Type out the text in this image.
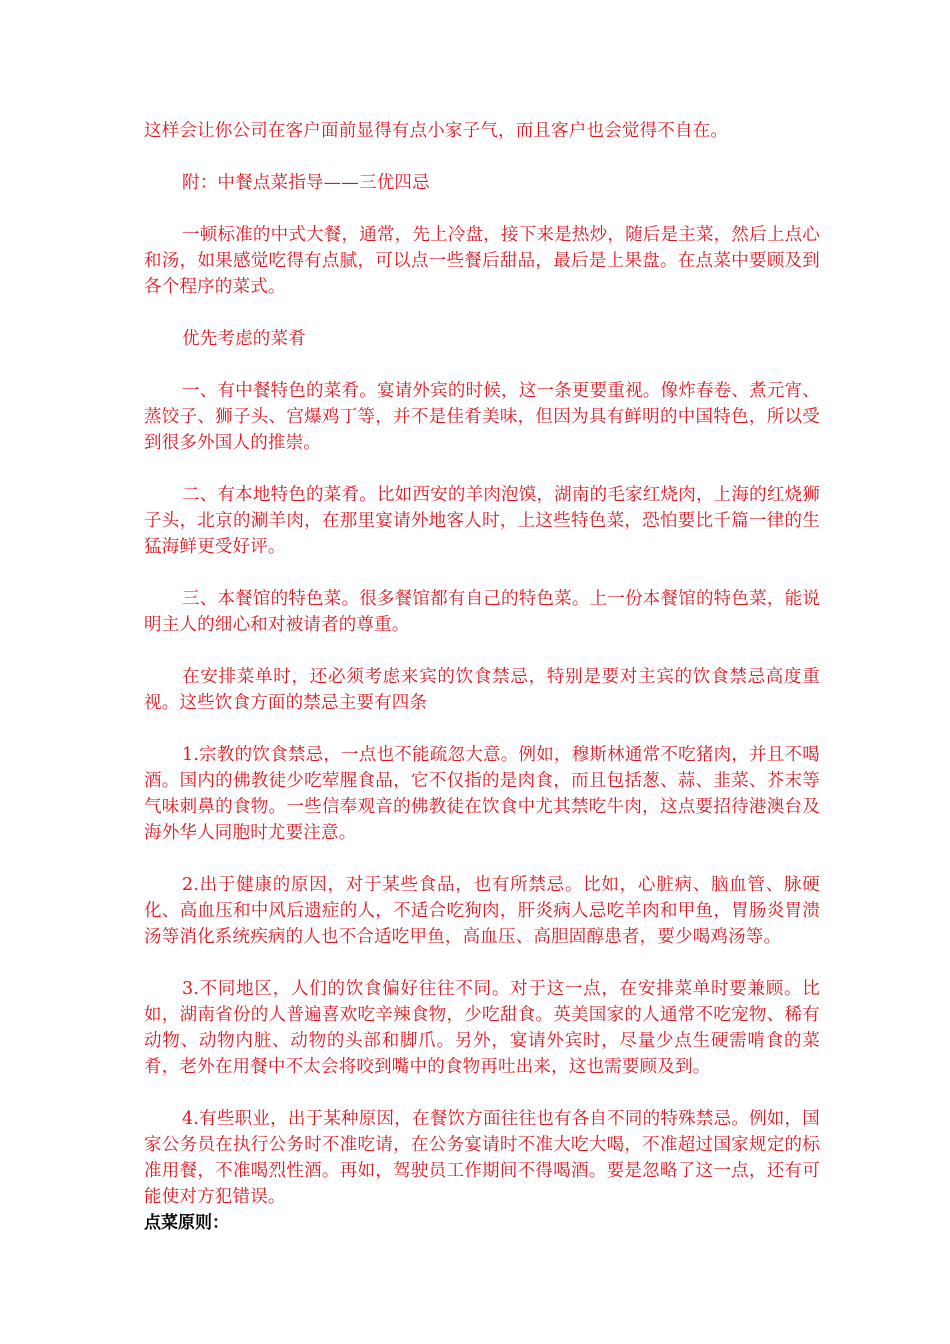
这样会让你公司在客户面前显得有点小家子气，而且客户也会觉得不自在。

附：中餐点菜指导——三优四忌

一顿标准的中式大餐，通常，先上冷盘，接下来是热炒，随后是主菜，然后上点心和汤，如果感觉吃得有点腻，可以点一些餐后甜品，最后是上果盘。在点菜中要顾及到各个程序的菜式。

优先考虑的菜肴

一、有中餐特色的菜肴。宴请外宾的时候，这一条更要重视。像炸春卷、煮元宵、蒸饺子、狮子头、宫爆鸡丁等，并不是佳肴美味，但因为具有鲜明的中国特色，所以受到很多外国人的推崇。

二、有本地特色的菜肴。比如西安的羊肉泡馍，湖南的毛家红烧肉，上海的红烧狮子头，北京的涮羊肉，在那里宴请外地客人时，上这些特色菜，恐怕要比千篇一律的生猛海鲜更受好评。

三、本餐馆的特色菜。很多餐馆都有自己的特色菜。上一份本餐馆的特色菜，能说明主人的细心和对被请者的尊重。

在安排菜单时，还必须考虑来宾的饮食禁忌，特别是要对主宾的饮食禁忌高度重视。这些饮食方面的禁忌主要有四条

1.宗教的饮食禁忌，一点也不能疏忽大意。例如，穆斯林通常不吃猪肉，并且不喝酒。国内的佛教徒少吃荤腥食品，它不仅指的是肉食，而且包括葱、蒜、韭菜、芥末等气味刺鼻的食物。一些信奉观音的佛教徒在饮食中尤其禁吃牛肉，这点要招待港澳台及海外华人同胞时尤要注意。

2.出于健康的原因，对于某些食品，也有所禁忌。比如，心脏病、脑血管、脉硬化、高血压和中风后遗症的人，不适合吃狗肉，肝炎病人忌吃羊肉和甲鱼，胃肠炎胃溃汤等消化系统疾病的人也不合适吃甲鱼，高血压、高胆固醇患者，要少喝鸡汤等。

3.不同地区，人们的饮食偏好往往不同。对于这一点，在安排菜单时要兼顾。比如，湖南省份的人普遍喜欢吃辛辣食物，少吃甜食。英美国家的人通常不吃宠物、稀有动物、动物内脏、动物的头部和脚爪。另外，宴请外宾时，尽量少点生硬需啃食的菜肴，老外在用餐中不太会将咬到嘴中的食物再吐出来，这也需要顾及到。

4.有些职业，出于某种原因，在餐饮方面往往也有各自不同的特殊禁忌。例如，国家公务员在执行公务时不准吃请，在公务宴请时不准大吃大喝，不准超过国家规定的标准用餐，不准喝烈性酒。再如，驾驶员工作期间不得喝酒。要是忽略了这一点，还有可能使对方犯错误。

点菜原则：
